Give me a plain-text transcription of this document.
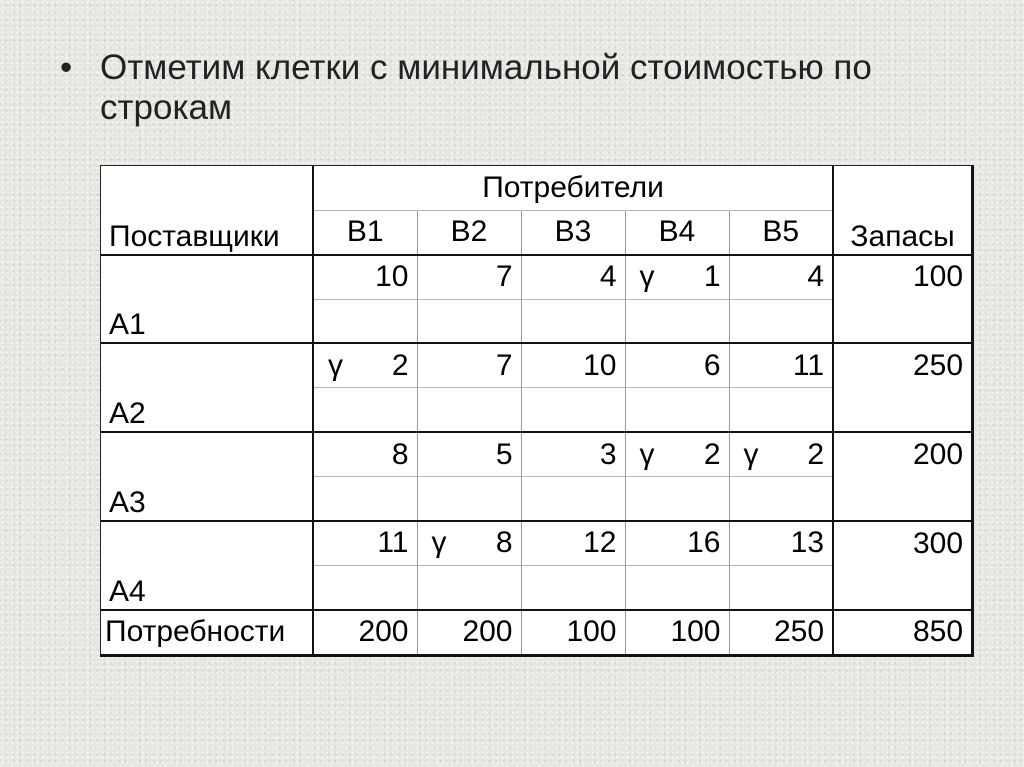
• Отметим клетки с минимальной стоимостью по строкам
Поставщики	Потребители					Запасы
	B1	B2	B3	B4	B5	
A1	10	7	4	γ 1	4	100

A2	γ 2	7	10	6	11	250

A3	8	5	3	γ 2	γ 2	200

A4	11	γ 8	12	16	13	300

Потребности	200	200	100	100	250	850
